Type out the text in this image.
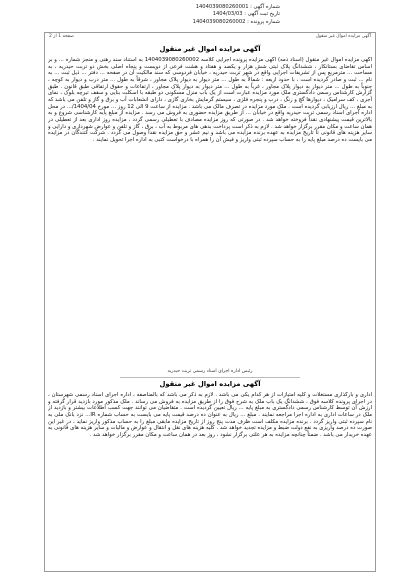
شماره آگهی : 1404039080260001
تاریخ ثبت آگهی : 1404/03/03
شماره پرونده : 1404039080260002
آگهی مزایده اموال غیر منقول
صفحه 1 از 2
آگهی مزایده اموال غیر منقول
آگهی مزایده اموال غیر منقول (اسناد ذمه) آگهی مزایده پرونده اجرایی کلاسه 1404039080260002 به استناد سند رهنی و منجز شماره ... و بر اساس تقاضای بستانکار ، ششدانگ پلاک ثبتی شش هزار و یکصد و هفتاد و هشت فرعی از دویست و پنجاه اصلی بخش دو تربت حیدریه ، به مساحت ... مترمربع پس از تشریفات اجرایی واقع در شهر تربت حیدریه ، خیابان فردوسی که سند مالکیت آن در صفحه ... دفتر ... ذیل ثبت ... به نام ... ثبت و صادر گردیده است ، با حدود اربعه : شمالاً به طول ... متر دیوار به دیوار پلاک مجاور ، شرقاً به طول ... متر درب و دیوار به کوچه ، جنوباً به طول ... متر دیوار به دیوار پلاک مجاور ، غرباً به طول ... متر دیوار به دیوار پلاک مجاور ، ارتفاعات و حقوق ارتفاقی طبق قانون . طبق گزارش کارشناس رسمی دادگستری ملک مورد مزایده عبارت است از یک باب منزل مسکونی دو طبقه با اسکلت بنایی و سقف تیرچه بلوک ، نمای آجری ، کف سرامیک ، دیوارها گچ و رنگ ، درب و پنجره فلزی ، سیستم گرمایش بخاری گازی ، دارای انشعابات آب و برق و گاز و تلفن می باشد که به مبلغ ... ریال ارزیابی گردیده است . ملک مورد مزایده در تصرف مالک می باشد . مزایده از ساعت 9 الی 12 روز ... مورخ 1404/04/... در محل اداره اجرای اسناد رسمی تربت حیدریه واقع در خیابان ... از طریق مزایده حضوری به فروش می رسد . مزایده از مبلغ پایه کارشناسی شروع و به بالاترین قیمت پیشنهادی نقداً فروخته خواهد شد . در صورتی که روز مزایده مصادف با تعطیلی رسمی گردد ، مزایده روز اداری بعد از تعطیلی در همان ساعت و مکان مقرر برگزار خواهد شد . لازم به ذکر است پرداخت بدهی های مربوط به آب ، برق ، گاز و تلفن و عوارض شهرداری و دارایی و سایر هزینه های قانونی تا تاریخ مزایده به عهده برنده مزایده می باشد و نیم عشر و حق مزایده نقداً وصول می گردد . شرکت کنندگان در مزایده می بایست ده درصد مبلغ پایه را به حساب سپرده ثبتی واریز و فیش آن را همراه با درخواست کتبی به اداره اجرا تحویل نمایند .
رئیس اداره اجرای اسناد رسمی تربت حیدریه
آگهی مزایده اموال غیر منقول
اداری و بارگذاری مستغلات و کلیه امتیازات از هر کدام یکی می باشد . لازم به ذکر می باشد که بالمناصفه ، اداره اجرای اسناد رسمی شهرستان ، در اجرای پرونده کلاسه فوق ، ششدانگ یک باب ملک به شرح فوق را از طریق مزایده به فروش می رساند . ملک مذکور مورد بازدید قرار گرفته و ارزش آن توسط کارشناس رسمی دادگستری به مبلغ پایه ... ریال تعیین گردیده است . متقاضیان می توانند جهت کسب اطلاعات بیشتر و بازدید از ملک در ساعات اداری به اداره اجرا مراجعه نمایند . مبلغ ... ریال به عنوان ده درصد قیمت پایه می بایست به حساب شماره IR... نزد بانک ملی به نام سپرده ثبتی واریز گردد . برنده مزایده مکلف است ظرف مدت پنج روز از تاریخ مزایده مابقی مبلغ را به حساب مذکور واریز نماید ، در غیر این صورت ده درصد واریزی به نفع دولت ضبط و مزایده تجدید خواهد شد . کلیه هزینه های نقل و انتقال و عوارض و مالیات و سایر هزینه های قانونی به عهده خریدار می باشد . ضمناً چنانچه مزایده به هر علتی برگزار نشود ، روز بعد در همان ساعت و مکان مقرر برگزار خواهد شد .
